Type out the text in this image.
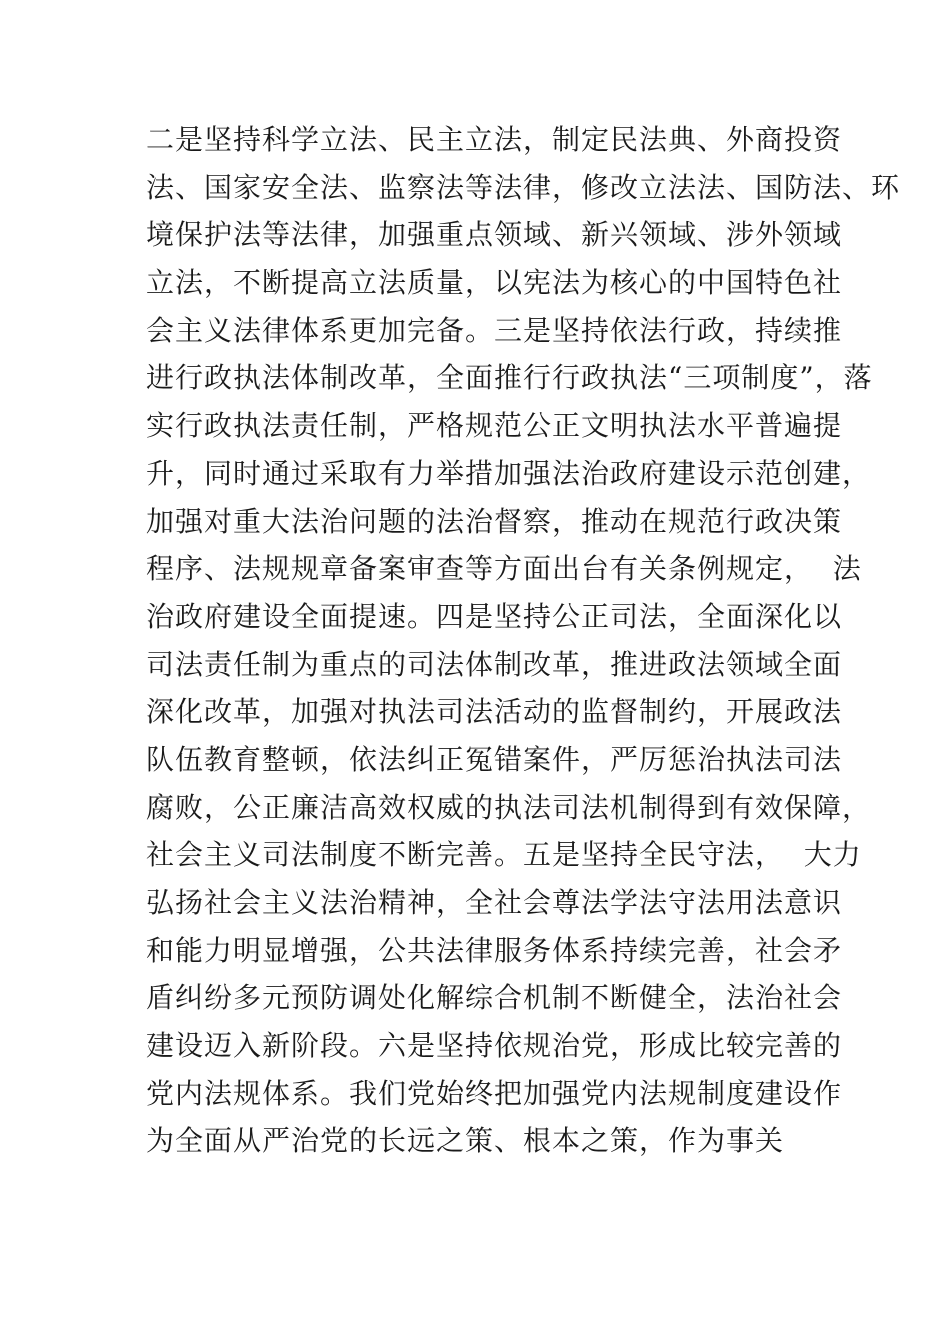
二是坚持科学立法、民主立法，制定民法典、外商投资
法、国家安全法、监察法等法律，修改立法法、国防法、环
境保护法等法律，加强重点领域、新兴领域、涉外领域
立法，不断提高立法质量，以宪法为核心的中国特色社
会主义法律体系更加完备。三是坚持依法行政，持续推
进行政执法体制改革，全面推行行政执法“三项制度”，落
实行政执法责任制，严格规范公正文明执法水平普遍提
升，同时通过采取有力举措加强法治政府建设示范创建，
加强对重大法治问题的法治督察，推动在规范行政决策
程序、法规规章备案审查等方面出台有关条例规定，  法
治政府建设全面提速。四是坚持公正司法，全面深化以
司法责任制为重点的司法体制改革，推进政法领域全面
深化改革，加强对执法司法活动的监督制约，开展政法
队伍教育整顿，依法纠正冤错案件，严厉惩治执法司法
腐败，公正廉洁高效权威的执法司法机制得到有效保障，
社会主义司法制度不断完善。五是坚持全民守法，  大力
弘扬社会主义法治精神，全社会尊法学法守法用法意识
和能力明显增强，公共法律服务体系持续完善，社会矛
盾纠纷多元预防调处化解综合机制不断健全，法治社会
建设迈入新阶段。六是坚持依规治党，形成比较完善的
党内法规体系。我们党始终把加强党内法规制度建设作
为全面从严治党的长远之策、根本之策，作为事关
